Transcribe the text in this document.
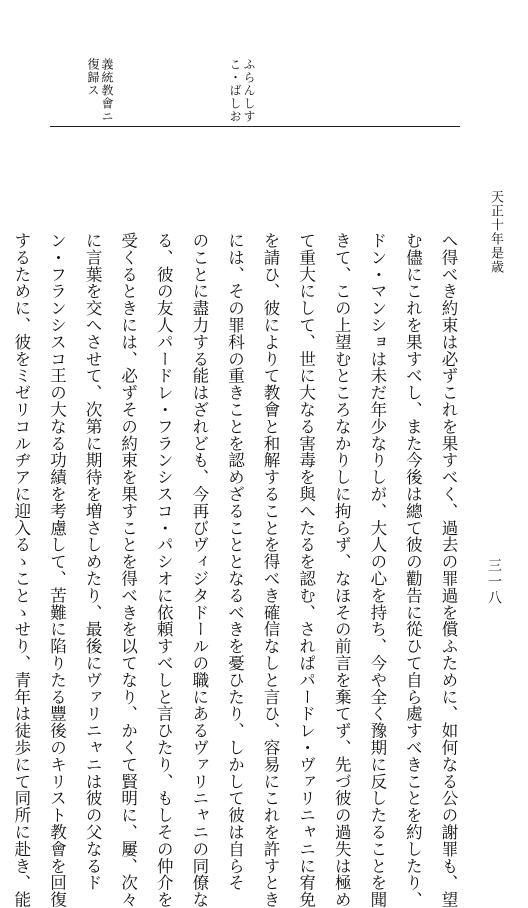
天正十年是歳
三一八
義統教會ニ
復歸ス	ふらんしす
こ・ばしお
へ得べき約束は必ずこれを果すべく、過去の罪過を償ふために、如何なる公の謝罪も、望
む儘にこれを果すべし、また今後は總て彼の勸告に從ひて自ら處すべきことを約したり、
ドン・マンショは未だ年少なりしが、大人の心を持ち、今や全く豫期に反したることを聞
きて、この上望むところなかりしに拘らず、なほその前言を棄てず、先づ彼の過失は極め
て重大にして、世に大なる害毒を與へたるを認む、されぱパードレ・ヴァリニャニに宥免
を請ひ、彼によりて教會と和解することを得べき確信なしと言ひ、容易にこれを許すとき
には、その罪科の重きことを認めざることとなるべきを憂ひたり、しかして彼は自らそ
のことに盡力する能はざれども、今再びヴィジタドールの職にあるヴァリニャニの同僚な
る、彼の友人パードレ・フランシスコ・パシオに依頼すべしと言ひたり、もしその仲介を
受くるときには、必ずその約束を果すことを得べきを以てなり、かくて賢明に、屢、次々
に言葉を交へさせて、次第に期待を増さしめたり、最後にヴァリニャニは彼の父なるド
ン・フランシスコ王の大なる功績を考慮して、苦難に陷りたる豐後のキリスト教會を回復
するために、彼をミゼリコルヂアに迎入るゝことゝせり、青年は徒歩にて同所に赴き、能
